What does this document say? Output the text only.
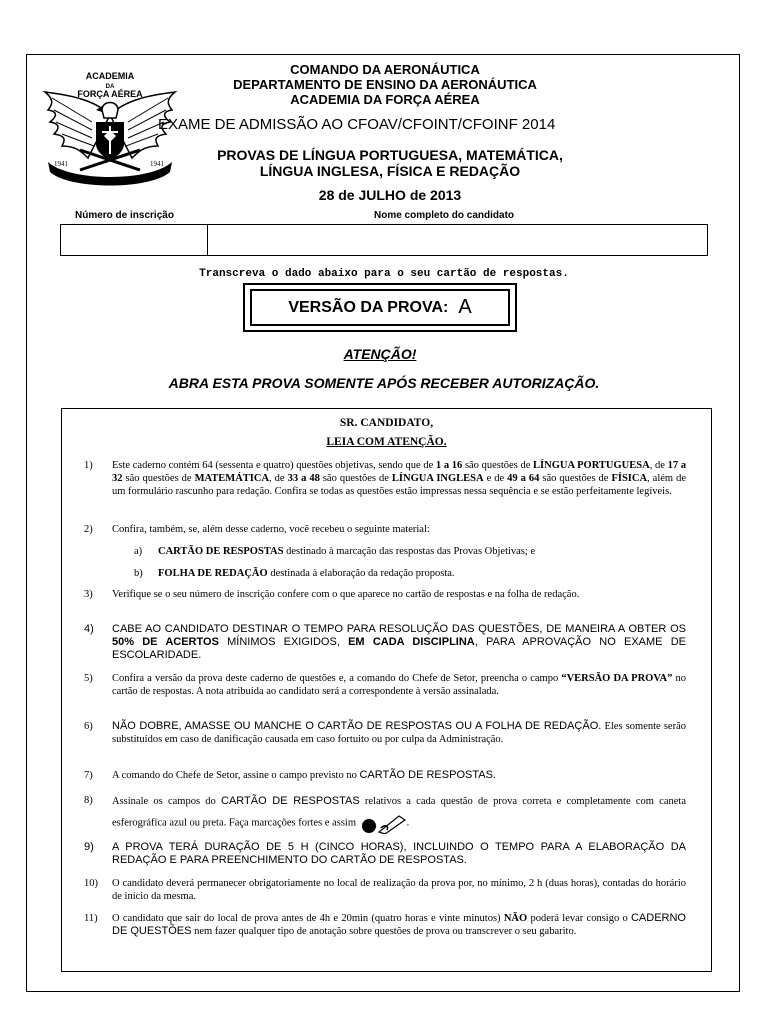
1941	1941
ACADEMIA
DA
FORÇA AÉREA
COMANDO DA AERONÁUTICA
DEPARTAMENTO DE ENSINO DA AERONÁUTICA
ACADEMIA DA FORÇA AÉREA
EXAME DE ADMISSÃO AO CFOAV/CFOINT/CFOINF 2014
PROVAS DE LÍNGUA PORTUGUESA, MATEMÁTICA,
LÍNGUA INGLESA, FÍSICA E REDAÇÃO
28 de JULHO de 2013
Número de inscrição	Nome completo do candidato
Transcreva o dado abaixo para o seu cartão de respostas.
VERSÃO DA PROVA: A
ATENÇÃO!
ABRA ESTA PROVA SOMENTE APÓS RECEBER AUTORIZAÇÃO.
SR. CANDIDATO,
LEIA COM ATENÇÃO.
1)	Este caderno contém 64 (sessenta e quatro) questões objetivas, sendo que de 1 a 16 são questões de LÍNGUA PORTUGUESA, de 17 a 32 são questões de MATEMÁTICA, de 33 a 48 são questões de LÍNGUA INGLESA e de 49 a 64 são questões de FÍSICA, além de um formulário rascunho para redação. Confira se todas as questões estão impressas nessa sequência e se estão perfeitamente legíveis.
2)	Confira, também, se, além desse caderno, você recebeu o seguinte material:
a) CARTÃO DE RESPOSTAS destinado à marcação das respostas das Provas Objetivas; e
b) FOLHA DE REDAÇÃO destinada à elaboração da redação proposta.
3)	Verifique se o seu número de inscrição confere com o que aparece no cartão de respostas e na folha de redação.
4)	CABE AO CANDIDATO DESTINAR O TEMPO PARA RESOLUÇÃO DAS QUESTÕES, DE MANEIRA A OBTER OS 50% DE ACERTOS MÍNIMOS EXIGIDOS, EM CADA DISCIPLINA, PARA APROVAÇÃO NO EXAME DE ESCOLARIDADE.
5)	Confira a versão da prova deste caderno de questões e, a comando do Chefe de Setor, preencha o campo “VERSÃO DA PROVA” no cartão de respostas. A nota atribuída ao candidato será a correspondente à versão assinalada.
6)	NÃO DOBRE, AMASSE OU MANCHE O CARTÃO DE RESPOSTAS OU A FOLHA DE REDAÇÃO. Eles somente serão substituídos em caso de danificação causada em caso fortuito ou por culpa da Administração.
7)	A comando do Chefe de Setor, assine o campo previsto no CARTÃO DE RESPOSTAS.
8)	Assinale os campos do CARTÃO DE RESPOSTAS relativos a cada questão de prova correta e completamente com caneta esferográfica azul ou preta. Faça marcações fortes e assim	.
9)	A PROVA TERÁ DURAÇÃO DE 5 H (CINCO HORAS), INCLUINDO O TEMPO PARA A ELABORAÇÃO DA REDAÇÃO E PARA PREENCHIMENTO DO CARTÃO DE RESPOSTAS.
10)	O candidato deverá permanecer obrigatoriamente no local de realização da prova por, no mínimo, 2 h (duas horas), contadas do horário de início da mesma.
11)	O candidato que sair do local de prova antes de 4h e 20min (quatro horas e vinte minutos) NÃO poderá levar consigo o CADERNO DE QUESTÕES nem fazer qualquer tipo de anotação sobre questões de prova ou transcrever o seu gabarito.
